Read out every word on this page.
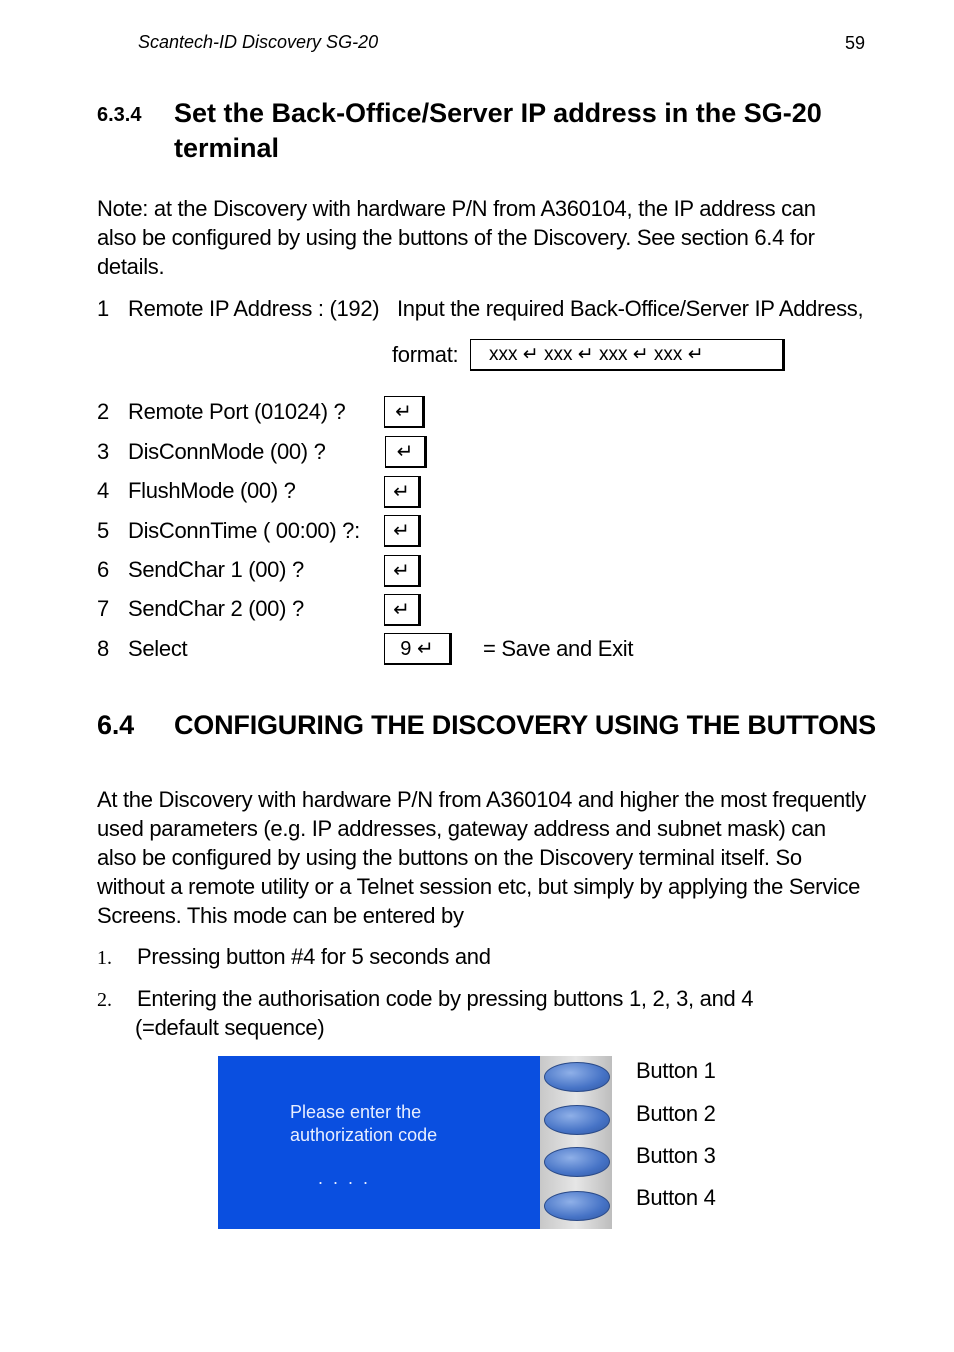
Scantech-ID Discovery SG-20	59
6.3.4 Set the Back-Office/Server IP address in the SG-20 terminal
Note: at the Discovery with hardware P/N from A360104, the IP address can also be configured by using the buttons of the Discovery. See section 6.4 for details.
1 Remote IP Address : (192) Input the required Back-Office/Server IP Address,
format:	xxx ↵ xxx ↵ xxx ↵ xxx ↵
2 Remote Port (01024) ?	↵
3 DisConnMode (00) ?	↵
4 FlushMode (00) ?	↵
5 DisConnTime ( 00:00) ?:	↵
6 SendChar 1 (00) ?	↵
7 SendChar 2 (00) ?	↵
8 Select	9 ↵	= Save and Exit
6.4 CONFIGURING THE DISCOVERY USING THE BUTTONS
At the Discovery with hardware P/N from A360104 and higher the most frequently used parameters (e.g. IP addresses, gateway address and subnet mask) can also be configured by using the buttons on the Discovery terminal itself. So without a remote utility or a Telnet session etc, but simply by applying the Service Screens. This mode can be entered by
1. Pressing button #4 for 5 seconds and
2. Entering the authorisation code by pressing buttons 1, 2, 3, and 4
(=default sequence)
Please enter the authorization code
....
Button 1
Button 2
Button 3
Button 4
